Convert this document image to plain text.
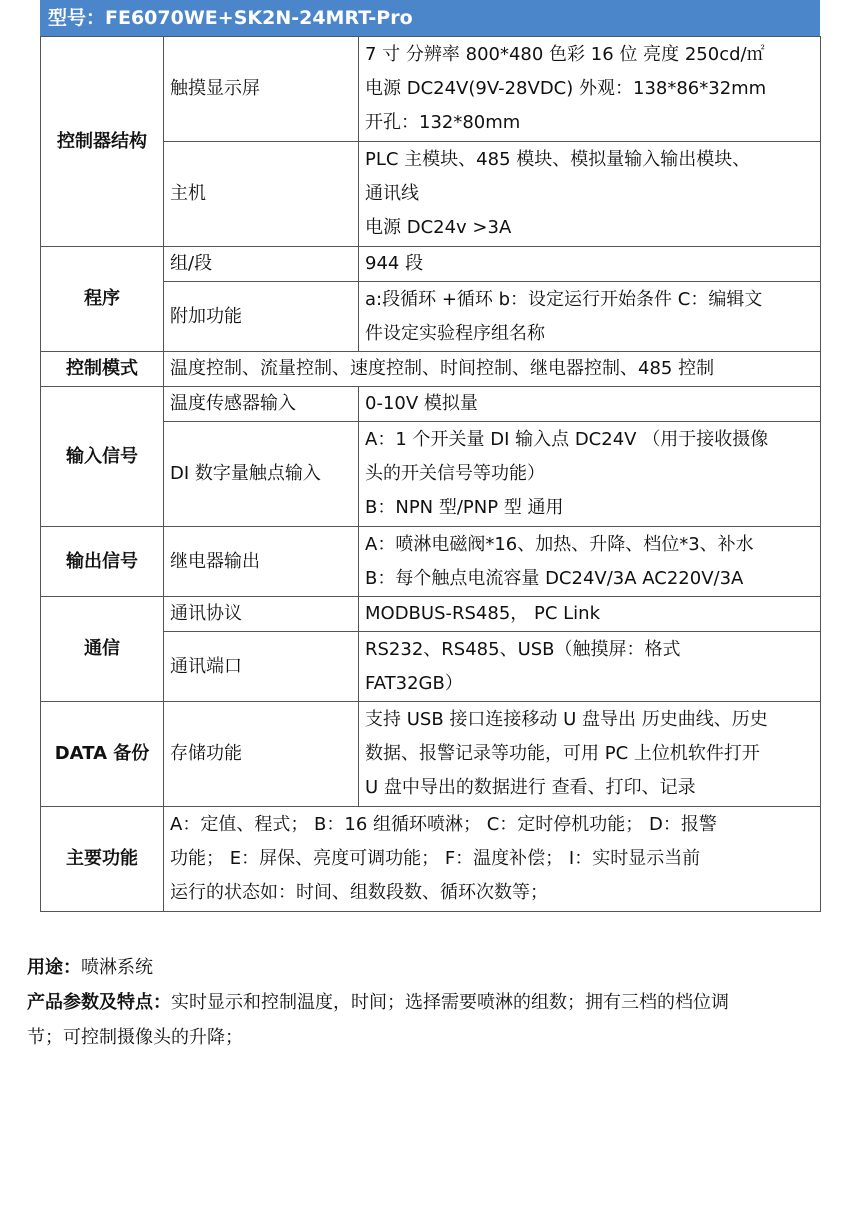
型号：FE6070WE+SK2N-24MRT-Pro
控制器结构	触摸显示屏	7 寸 分辨率 800*480 色彩 16 位 亮度 250cd/㎡
电源 DC24V(9V-28VDC) 外观：138*86*32mm
开孔：132*80mm

	主机	PLC 主模块、485 模块、模拟量输入输出模块、
通讯线
电源 DC24v >3A

程序	组/段	944 段
	附加功能	a:段循环 +循环 b：设定运行开始条件 C：编辑文
件设定实验程序组名称

控制模式	温度控制、流量控制、速度控制、时间控制、继电器控制、485 控制	
输入信号	温度传感器输入	0-10V 模拟量
	DI 数字量触点输入	A：1 个开关量 DI 输入点 DC24V （用于接收摄像
头的开关信号等功能）
B：NPN 型/PNP 型 通用

输出信号	继电器输出	A：喷淋电磁阀*16、加热、升降、档位*3、补水
B：每个触点电流容量 DC24V/3A AC220V/3A

通信	通讯协议	MODBUS-RS485， PC Link
	通讯端口	RS232、RS485、USB（触摸屏：格式
FAT32GB）

DATA 备份	存储功能	支持 USB 接口连接移动 U 盘导出 历史曲线、历史
数据、报警记录等功能，可用 PC 上位机软件打开
U 盘中导出的数据进行 查看、打印、记录

主要功能	A：定值、程式； B：16 组循环喷淋； C：定时停机功能； D：报警
功能； E：屏保、亮度可调功能； F：温度补偿； I：实时显示当前
运行的状态如：时间、组数段数、循环次数等；	
用途：喷淋系统
产品参数及特点：实时显示和控制温度，时间；选择需要喷淋的组数；拥有三档的档位调
节；可控制摄像头的升降；
